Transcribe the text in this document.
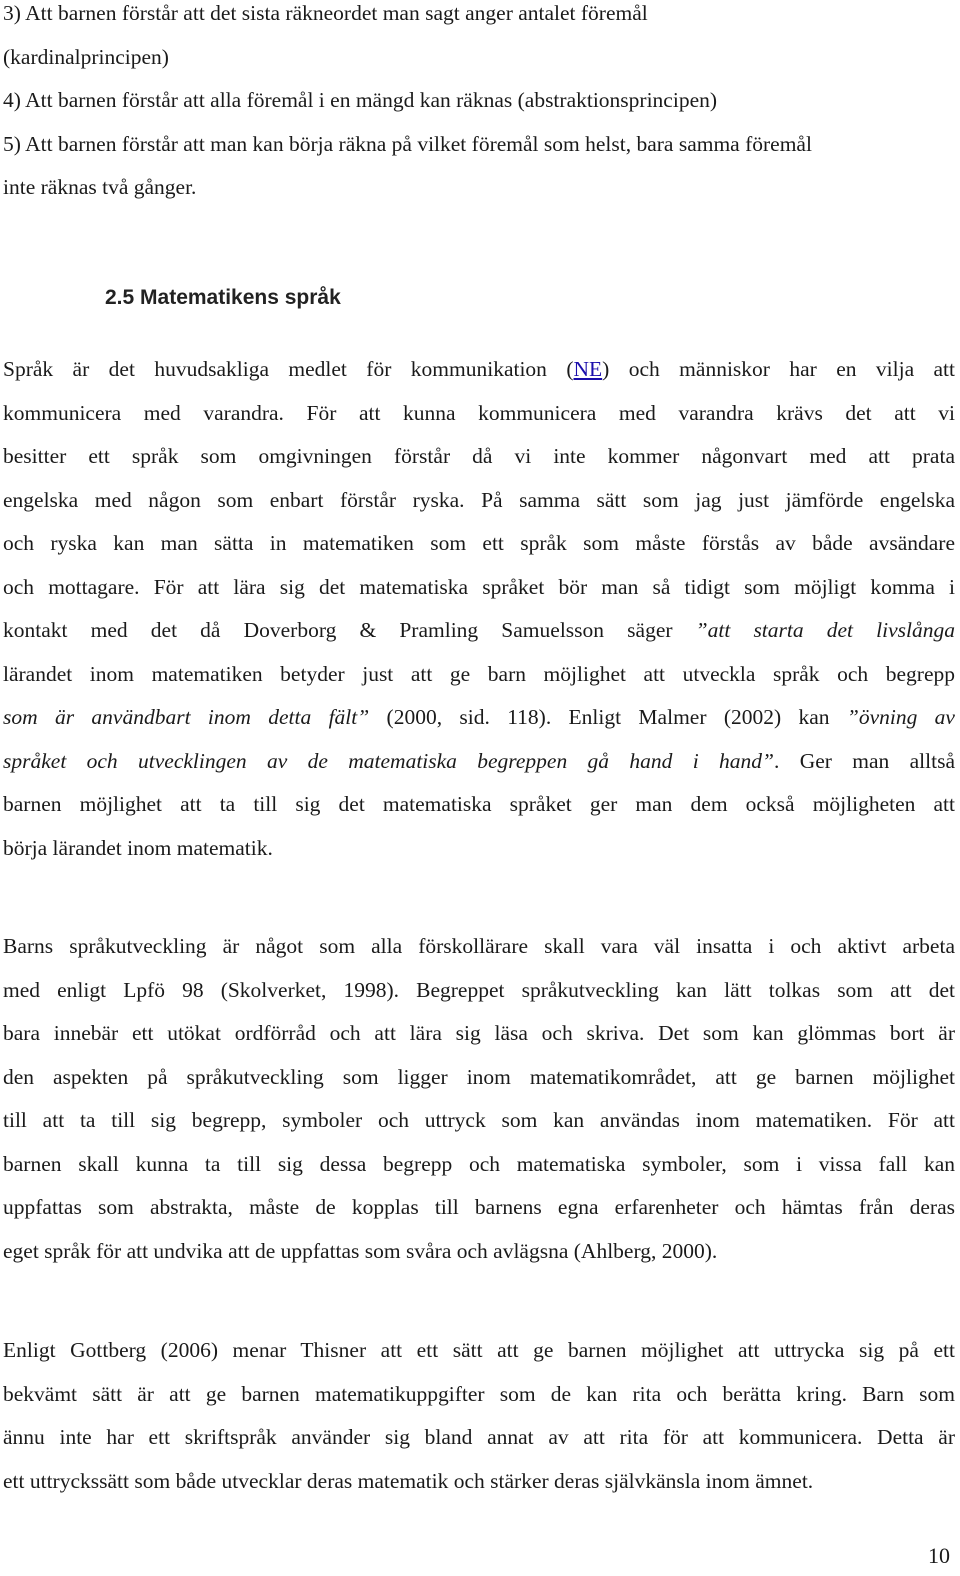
3) Att barnen förstår att det sista räkneordet man sagt anger antalet föremål
(kardinalprincipen)
4) Att barnen förstår att alla föremål i en mängd kan räknas (abstraktionsprincipen)
5) Att barnen förstår att man kan börja räkna på vilket föremål som helst, bara samma föremål
inte räknas två gånger.
2.5 Matematikens språk
Språk är det huvudsakliga medlet för kommunikation (NE) och människor har en vilja att
kommunicera med varandra. För att kunna kommunicera med varandra krävs det att vi
besitter ett språk som omgivningen förstår då vi inte kommer någonvart med att prata
engelska med någon som enbart förstår ryska. På samma sätt som jag just jämförde engelska
och ryska kan man sätta in matematiken som ett språk som måste förstås av både avsändare
och mottagare. För att lära sig det matematiska språket bör man så tidigt som möjligt komma i
kontakt med det då Doverborg & Pramling Samuelsson säger ”att starta det livslånga
lärandet inom matematiken betyder just att ge barn möjlighet att utveckla språk och begrepp
som är användbart inom detta fält” (2000, sid. 118). Enligt Malmer (2002) kan ”övning av
språket och utvecklingen av de matematiska begreppen gå hand i hand”. Ger man alltså
barnen möjlighet att ta till sig det matematiska språket ger man dem också möjligheten att
börja lärandet inom matematik.
Barns språkutveckling är något som alla förskollärare skall vara väl insatta i och aktivt arbeta
med enligt Lpfö 98 (Skolverket, 1998). Begreppet språkutveckling kan lätt tolkas som att det
bara innebär ett utökat ordförråd och att lära sig läsa och skriva. Det som kan glömmas bort är
den aspekten på språkutveckling som ligger inom matematikområdet, att ge barnen möjlighet
till att ta till sig begrepp, symboler och uttryck som kan användas inom matematiken. För att
barnen skall kunna ta till sig dessa begrepp och matematiska symboler, som i vissa fall kan
uppfattas som abstrakta, måste de kopplas till barnens egna erfarenheter och hämtas från deras
eget språk för att undvika att de uppfattas som svåra och avlägsna (Ahlberg, 2000).
Enligt Gottberg (2006) menar Thisner att ett sätt att ge barnen möjlighet att uttrycka sig på ett
bekvämt sätt är att ge barnen matematikuppgifter som de kan rita och berätta kring. Barn som
ännu inte har ett skriftspråk använder sig bland annat av att rita för att kommunicera. Detta är
ett uttryckssätt som både utvecklar deras matematik och stärker deras självkänsla inom ämnet.
10
